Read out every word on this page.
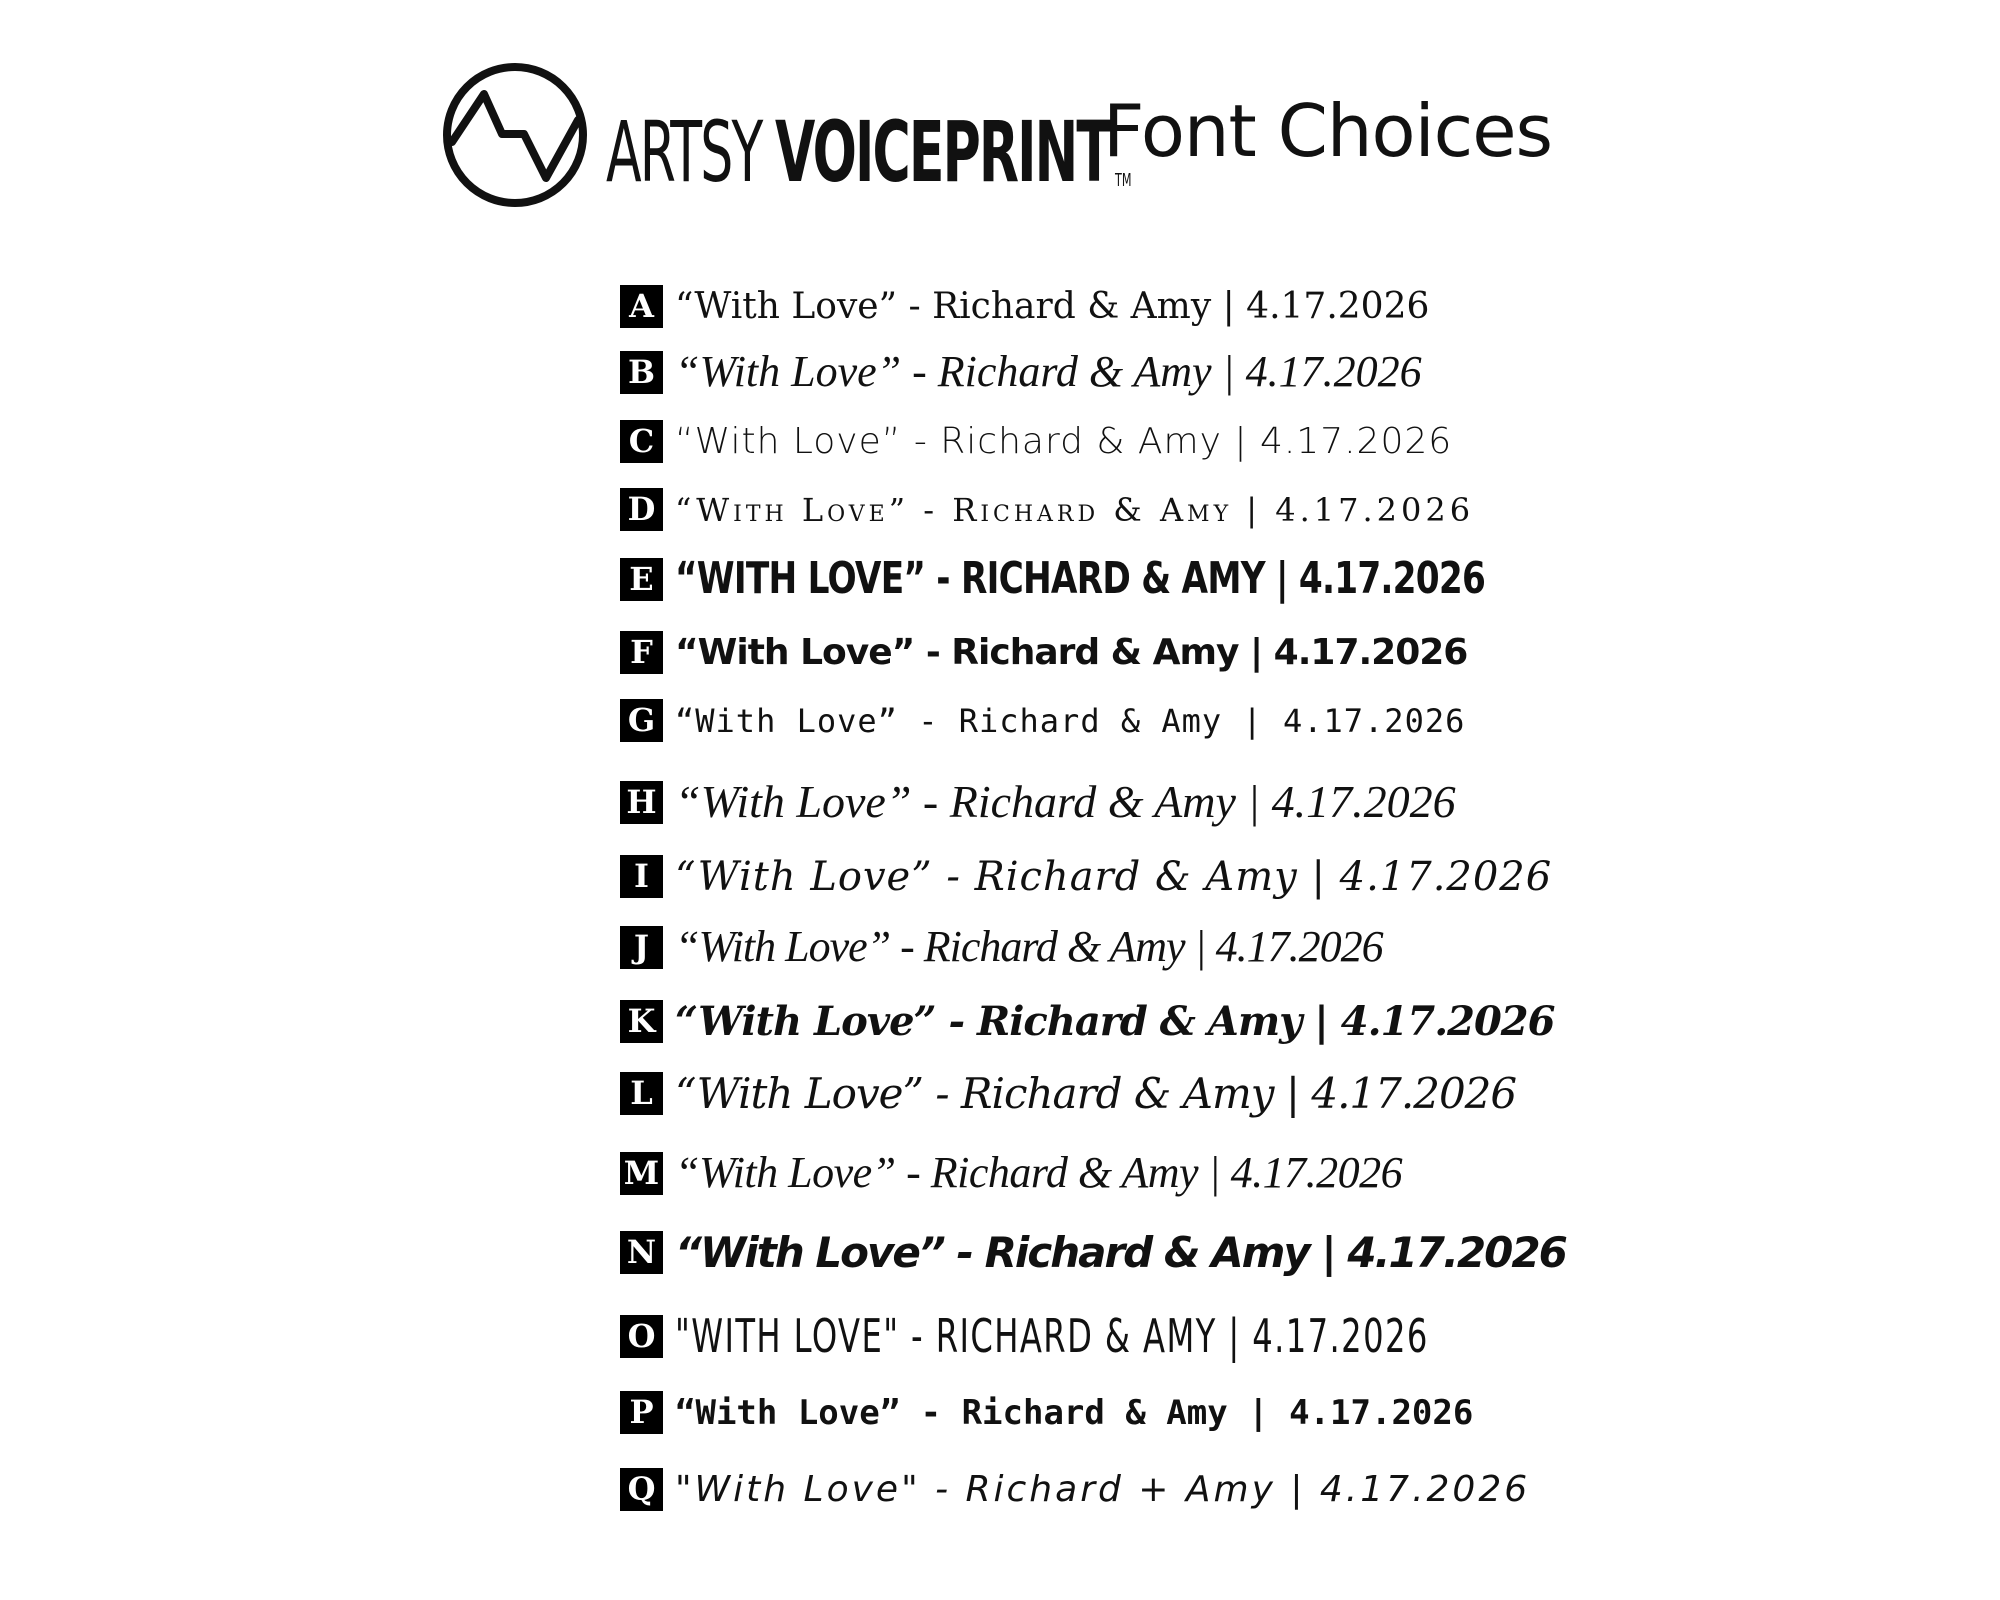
ARTSY VOICEPRINT TM
Font Choices
A “With Love” - Richard & Amy | 4.17.2026
B “With Love” - Richard & Amy | 4.17.2026
C “With Love” - Richard & Amy | 4.17.2026
D “With Love” - Richard & Amy | 4.17.2026
E “WITH LOVE” - RICHARD & AMY | 4.17.2026
F “With Love” - Richard & Amy | 4.17.2026
G “With Love” - Richard & Amy | 4.17.2026
H “With Love” - Richard & Amy | 4.17.2026
I “With Love” - Richard & Amy | 4.17.2026
J “With Love” - Richard & Amy | 4.17.2026
K “With Love” - Richard & Amy | 4.17.2026
L “With Love” - Richard & Amy | 4.17.2026
M “With Love” - Richard & Amy | 4.17.2026
N “With Love” - Richard & Amy | 4.17.2026
O "WITH LOVE" - RICHARD & AMY | 4.17.2026
P “With Love” - Richard & Amy | 4.17.2026
Q "With Love" - Richard + Amy | 4.17.2026
